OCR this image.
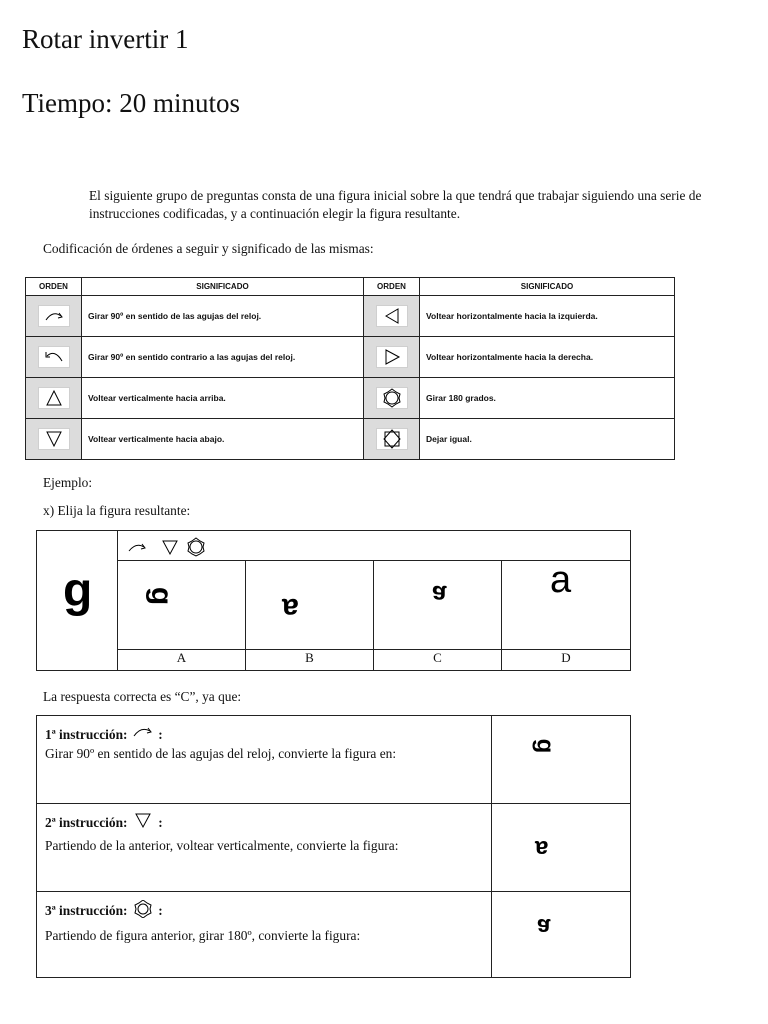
Rotar invertir 1
Tiempo: 20 minutos
El siguiente grupo de preguntas consta de una figura inicial sobre la que tendrá que trabajar siguiendo una serie de instrucciones codificadas, y a continuación elegir la figura resultante.
Codificación de órdenes a seguir y significado de las mismas:
ORDEN	SIGNIFICADO	ORDEN	SIGNIFICADO

	Girar 90º en sentido de las agujas del reloj.		Voltear horizontalmente hacia la izquierda.

	Girar 90º en sentido contrario a las agujas del reloj.		Voltear horizontalmente hacia la derecha.

	Voltear verticalmente hacia arriba.		Girar 180 grados.

	Voltear verticalmente hacia abajo.		Dejar igual.
Ejemplo:
x) Elija la figura resultante:
g g	a	a	a
A	B	C	D
La respuesta correcta es “C”, ya que:
1ª instrucción: :
Girar 90º en sentido de las agujas del reloj, convierte la figura en:	g
2ª instrucción: :
Partiendo de la anterior, voltear verticalmente, convierte la figura:	a
3ª instrucción: :
Partiendo de figura anterior, girar 180º, convierte la figura:	a
